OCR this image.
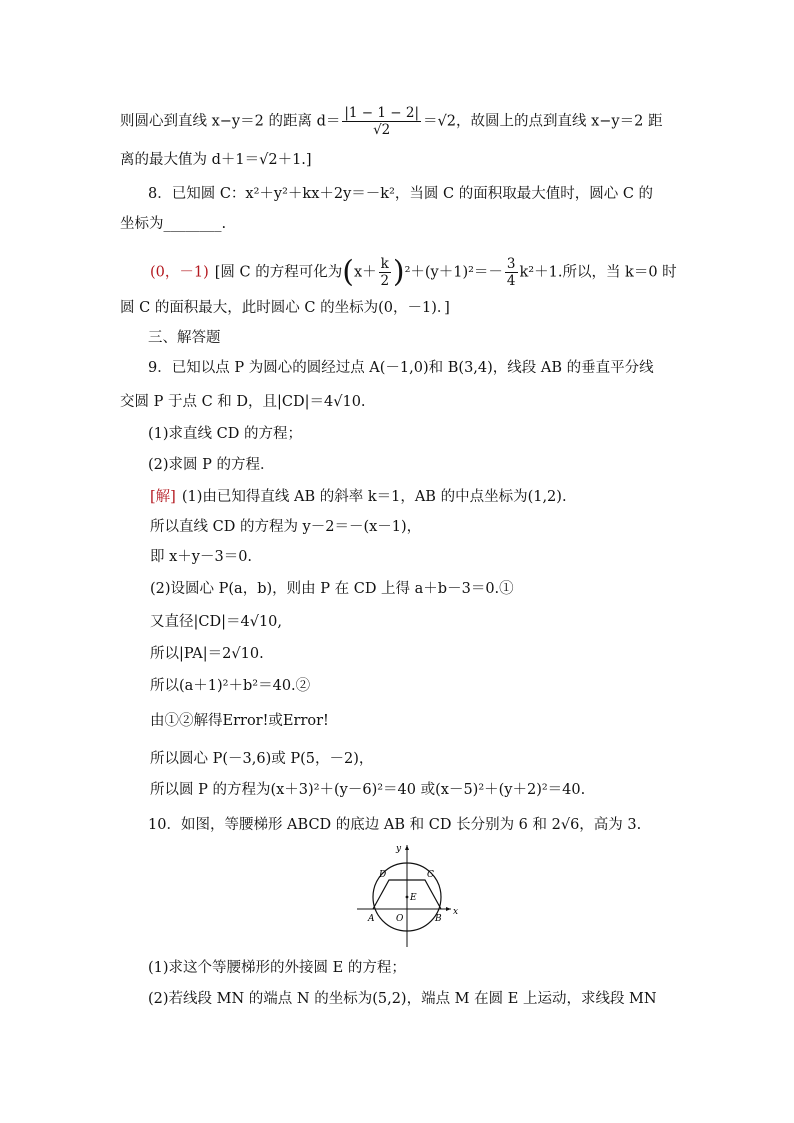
则圆心到直线 x−y＝2 的距离 $d= \frac{|1 - 1 - 2|}{√2} =√2$，故圆上的点到直线 x−y＝2 距
离的最大值为 d＋1＝√2＋1.]
8．已知圆 C：x²＋y²＋kx＋2y＝－k²，当圆 C 的面积取最大值时，圆心 C 的
坐标为________.
(0，－1) [圆 C 的方程可化为$(x+ \frac{k}{2} )^2+(y+1)^2=- \frac{3}{4} k^2+1$.所以，当 k＝0 时
圆 C 的面积最大，此时圆心 C 的坐标为(0，－1)．]
三、解答题
9．已知以点 P 为圆心的圆经过点 A(－1,0)和 B(3,4)，线段 AB 的垂直平分线
交圆 P 于点 C 和 D，且|CD|＝4√10.
(1)求直线 CD 的方程；
(2)求圆 P 的方程．
[解] (1)由已知得直线 AB 的斜率 k＝1，AB 的中点坐标为(1,2).
所以直线 CD 的方程为 y－2＝－(x－1)，
即 x＋y－3＝0.
(2)设圆心 P(a，b)，则由 P 在 CD 上得 a＋b－3＝0.①
又直径|CD|＝4√10,
所以|PA|＝2√10.
所以(a＋1)²＋b²＝40.②
由①②解得Error!或Error!
所以圆心 P(－3,6)或 P(5，－2)，
所以圆 P 的方程为(x＋3)²＋(y－6)²＝40 或(x－5)²＋(y＋2)²＝40.
10．如图，等腰梯形 ABCD 的底边 AB 和 CD 长分别为 6 和 2√6，高为 3.
y
x
A	B
C
D
O
E
(1)求这个等腰梯形的外接圆 E 的方程；
(2)若线段 MN 的端点 N 的坐标为(5,2)，端点 M 在圆 E 上运动，求线段 MN
